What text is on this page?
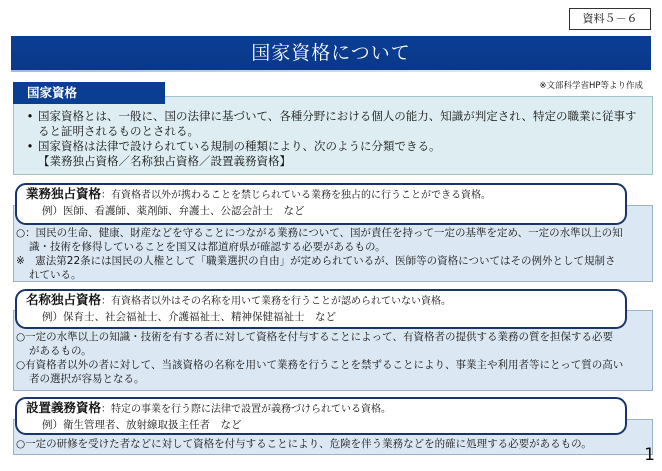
資料５－６
国家資格について
※文部科学省HP等より作成
国家資格
• 国家資格とは、一般に、国の法律に基づいて、各種分野における個人の能力、知識が判定され、特定の職業に従事すると証明されるものとされる。
• 国家資格は法律で設けられている規制の種類により、次のように分類できる。
【業務独占資格／名称独占資格／設置義務資格】
業務独占資格：有資格者以外が携わることを禁じられている業務を独占的に行うことができる資格。
例）医師、看護師、薬剤師、弁護士、公認会計士　など

○：国民の生命、健康、財産などを守ることにつながる業務について、国が責任を持って一定の基準を定め、一定の水準以上の知

識・技術を修得していることを国又は都道府県が確認する必要があるもの。

※　憲法第22条には国民の人権として「職業選択の自由」が定められているが、医師等の資格についてはその例外として規制さ

れている。

名称独占資格：有資格者以外はその名称を用いて業務を行うことが認められていない資格。
例）保育士、社会福祉士、介護福祉士、精神保健福祉士　など

○一定の水準以上の知識・技術を有する者に対して資格を付与することによって、有資格者の提供する業務の質を担保する必要

があるもの。

○有資格者以外の者に対して、当該資格の名称を用いて業務を行うことを禁ずることにより、事業主や利用者等にとって質の高い

者の選択が容易となる。

設置義務資格：特定の事業を行う際に法律で設置が義務づけられている資格。
例）衛生管理者、放射線取扱主任者　など

○一定の研修を受けた者などに対して資格を付与することにより、危険を伴う業務などを的確に処理する必要があるもの。

1
